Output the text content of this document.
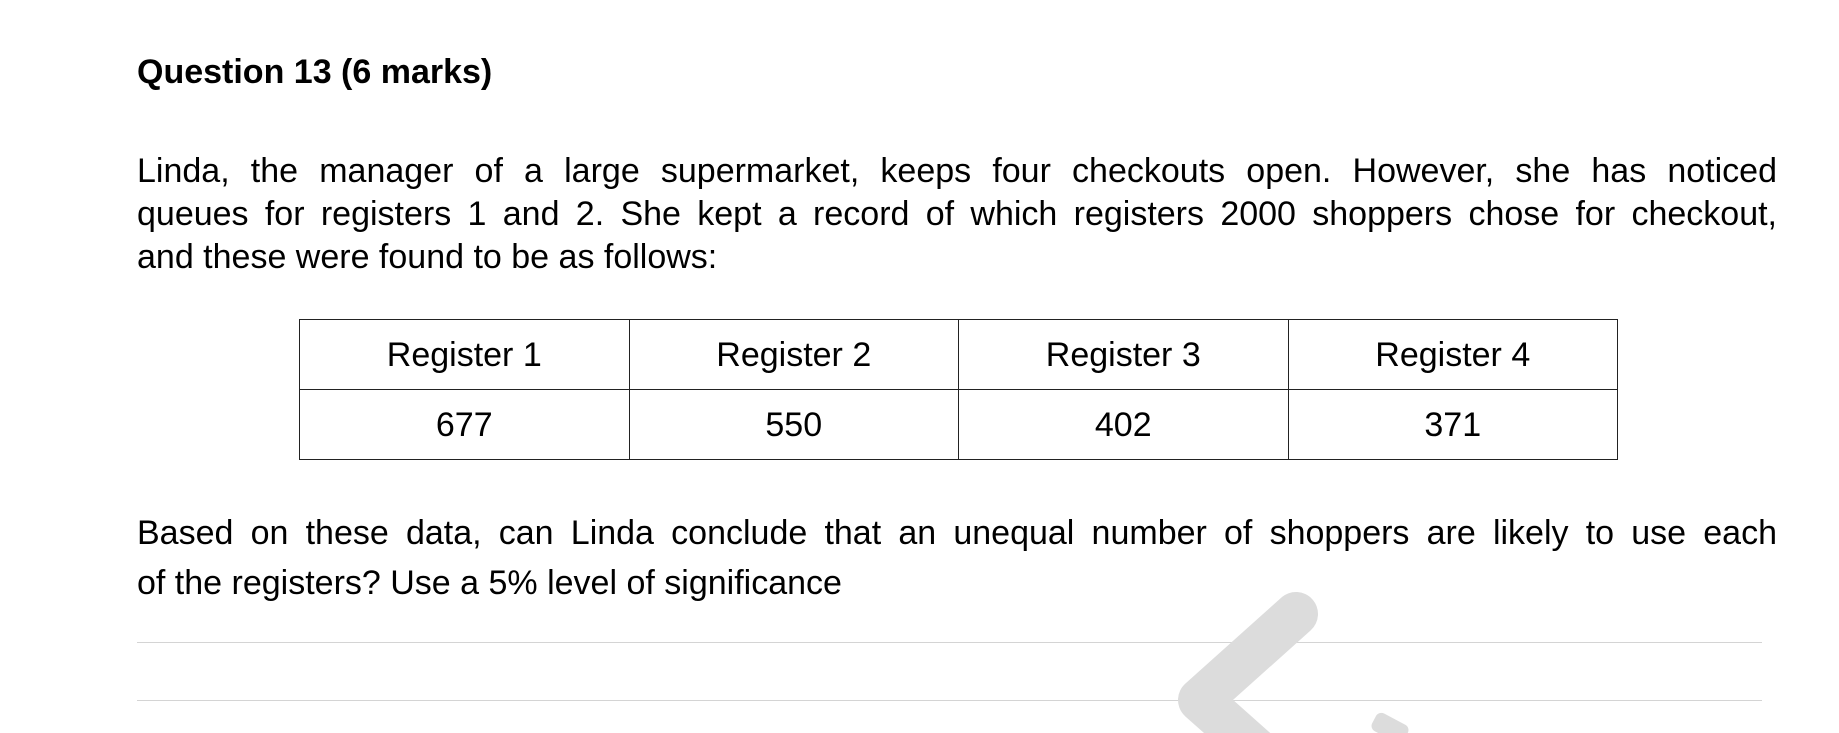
Question 13 (6 marks)
Linda, the manager of a large supermarket, keeps four checkouts open. However, she has noticed
queues for registers 1 and 2. She kept a record of which registers 2000 shoppers chose for checkout,
and these were found to be as follows:
Register 1	Register 2	Register 3	Register 4
677	550	402	371
Based on these data, can Linda conclude that an unequal number of shoppers are likely to use each
of the registers? Use a 5% level of significance
